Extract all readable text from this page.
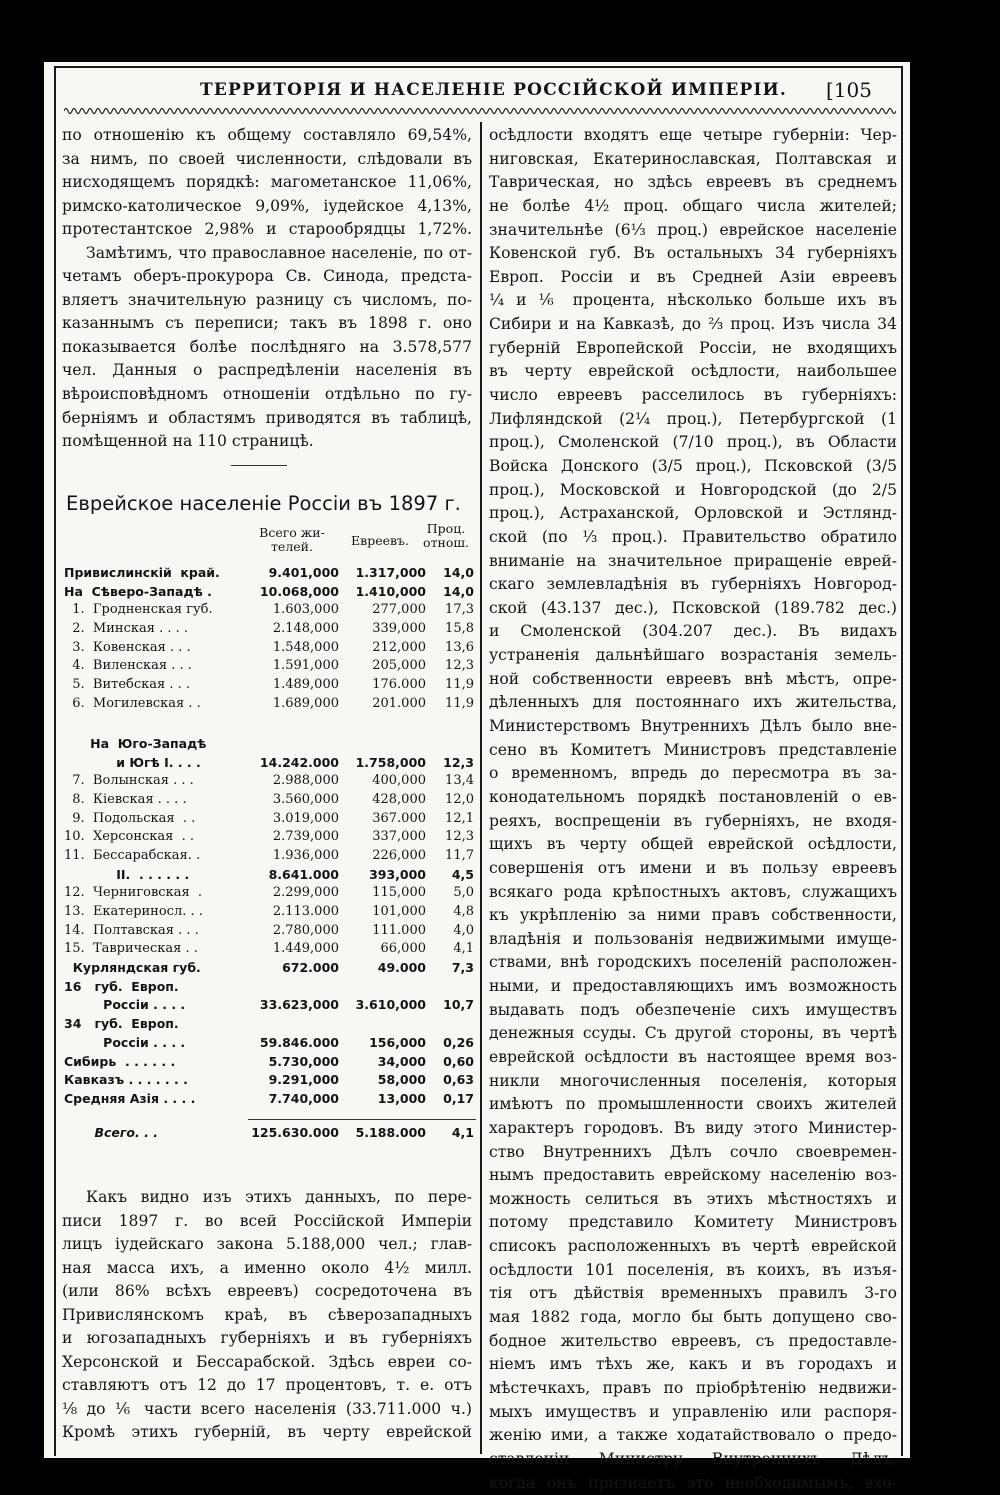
ТЕРРИТОРІЯ И НАСЕЛЕНІЕ РОССІЙСКОЙ ИМПЕРІИ. [105
по отношенію къ общему составляло 69,54%,
за нимъ, по своей численности, слѣдовали въ
нисходящемъ порядкѣ: магометанское 11,06%,
римско-католическое 9,09%, іудейское 4,13%,
протестантское 2,98% и старообрядцы 1,72%.
Замѣтимъ, что православное населеніе, по от-
четамъ оберъ-прокурора Св. Синода, предста-
вляетъ значительную разницу съ числомъ, по-
казаннымъ съ переписи; такъ въ 1898 г. оно
показывается болѣе послѣдняго на 3.578,577
чел. Данныя о распредѣленіи населенія въ
вѣроисповѣдномъ отношеніи отдѣльно по гу-
берніямъ и областямъ приводятся въ таблицѣ,
помѣщенной на 110 страницѣ.
Еврейское населеніе Россіи въ 1897 г.
Всего жи-
телей.	Евреевъ.
Проц.
отнош.
Привислинскій  край.	9.401,000 1.317,000 14,0
На  Сѣверо-Западѣ .	10.068,000 1.410,000 14,0
1.  Гродненская губ.	1.603,000	277,000 17,3
2.  Минская . . . .	2.148,000	339,000 15,8
3.  Ковенская . . .	1.548,000	212,000 13,6
4.  Виленская . . .	1.591,000	205,000 12,3
5.  Витебская . . .	1.489,000	176.000 11,9
6.  Могилевская . .	1.689,000	201.000 11,9
На  Юго-Западѣ
и Югѣ I. . . .	14.242.000 1.758,000 12,3
7.  Волынская . . .	2.988,000	400,000 13,4
8.  Кіевская . . . .	3.560,000	428,000 12,0
9.  Подольская  . .	3.019,000	367.000 12,1
10.  Херсонская  . .	2.739,000	337,000 12,3
11.  Бессарабская. .	1.936,000	226,000 11,7
II.  . . . . . .	8.641.000 393,000 4,5
12.  Черниговская  .	2.299,000	115,000 5,0
13.  Екатериносл. . .	2.113.000	101,000 4,8
14.  Полтавская . . .	2.780,000	111.000 4,0
15.  Таврическая . .	1.449,000	66,000 4,1
Курляндская губ.	672.000	49.000 7,3
16   губ.  Европ.
Россіи . . . .	33.623,000 3.610,000 10,7
34   губ.  Европ.
Россіи . . . .	59.846.000 156,000 0,26
Сибирь  . . . . . .	5.730,000	34,000 0,60
Кавказъ . . . . . . .	9.291,000	58,000 0,63
Средняя Азія . . . .	7.740,000	13,000 0,17
Всего. . .	125.630.000 5.188.000 4,1
Какъ видно изъ этихъ данныхъ, по пере-
писи 1897 г. во всей Россійской Имперіи
лицъ іудейскаго закона 5.188,000 чел.; глав-
ная масса ихъ, а именно около 4½ милл.
(или 86% всѣхъ евреевъ) сосредоточена въ
Привислянскомъ краѣ, въ сѣверозападныхъ
и югозападныхъ губерніяхъ и въ губерніяхъ
Херсонской и Бессарабской. Здѣсь евреи со-
ставляютъ отъ 12 до 17 процентовъ, т. е. отъ
⅛ до ⅙ части всего населенія (33.711.000 ч.)
Кромѣ этихъ губерній, въ черту еврейской
осѣдлости входятъ еще четыре губерніи: Чер-
ниговская, Екатеринославская, Полтавская и
Таврическая, но здѣсь евреевъ въ среднемъ
не болѣе 4½ проц. общаго числа жителей;
значительнѣе (6⅓ проц.) еврейское населеніе
Ковенской губ. Въ остальныхъ 34 губерніяхъ
Европ. Россіи и въ Средней Азіи евреевъ
¼ и ⅙ процента, нѣсколько больше ихъ въ
Сибири и на Кавказѣ, до ⅔ проц. Изъ числа 34
губерній Европейской Россіи, не входящихъ
въ черту еврейской осѣдлости, наибольшее
число евреевъ расселилось въ губерніяхъ:
Лифляндской (2¼ проц.), Петербургской (1
проц.), Смоленской (7/10 проц.), въ Области
Войска Донского (3/5 проц.), Псковской (3/5
проц.), Московской и Новгородской (до 2/5
проц.), Астраханской, Орловской и Эстлянд-
ской (по ⅓ проц.). Правительство обратило
вниманіе на значительное приращеніе еврей-
скаго землевладѣнія въ губерніяхъ Новгород-
ской (43.137 дес.), Псковской (189.782 дес.)
и Смоленской (304.207 дес.). Въ видахъ
устраненія дальнѣйшаго возрастанія земель-
ной собственности евреевъ внѣ мѣстъ, опре-
дѣленныхъ для постояннаго ихъ жительства,
Министерствомъ Внутреннихъ Дѣлъ было внe-
сено въ Комитетъ Министровъ представленіе
о временномъ, впредь до пересмотра въ за-
конодательномъ порядкѣ постановленій о ев-
реяхъ, воспрещеніи въ губерніяхъ, не входя-
щихъ въ черту общей еврейской осѣдлости,
совершенія отъ имени и въ пользу евреевъ
всякаго рода крѣпостныхъ актовъ, служащихъ
къ укрѣпленію за ними правъ собственности,
владѣнія и пользованія недвижимыми имуще-
ствами, внѣ городскихъ поселеній расположен-
ными, и предоставляющихъ имъ возможность
выдавать подъ обезпеченіе сихъ имуществъ
денежныя ссуды. Съ другой стороны, въ чертѣ
еврейской осѣдлости въ настоящее время воз-
никли многочисленныя поселенія, которыя
имѣютъ по промышленности своихъ жителей
характеръ городовъ. Въ виду этого Министер-
ство Внутреннихъ Дѣлъ сочло своевремен-
нымъ предоставить еврейскому населенію воз-
можность селиться въ этихъ мѣстностяхъ и
потому представило Комитету Министровъ
списокъ расположенныхъ въ чертѣ еврейской
осѣдлости 101 поселенія, въ коихъ, въ изъя-
тія отъ дѣйствія временныхъ правилъ 3-го
мая 1882 года, могло бы быть допущено сво-
бодное жительство евреевъ, съ предоставле-
ніемъ имъ тѣхъ же, какъ и въ городахъ и
мѣстечкахъ, правъ по пріобрѣтенію недвижи-
мыхъ имуществъ и управленію или распоря-
женію ими, а также ходатайствовало о предо-
ставленіи Министру Внутреннихъ Дѣлъ,
когда онъ признаетъ это необходимымъ, вхо-
